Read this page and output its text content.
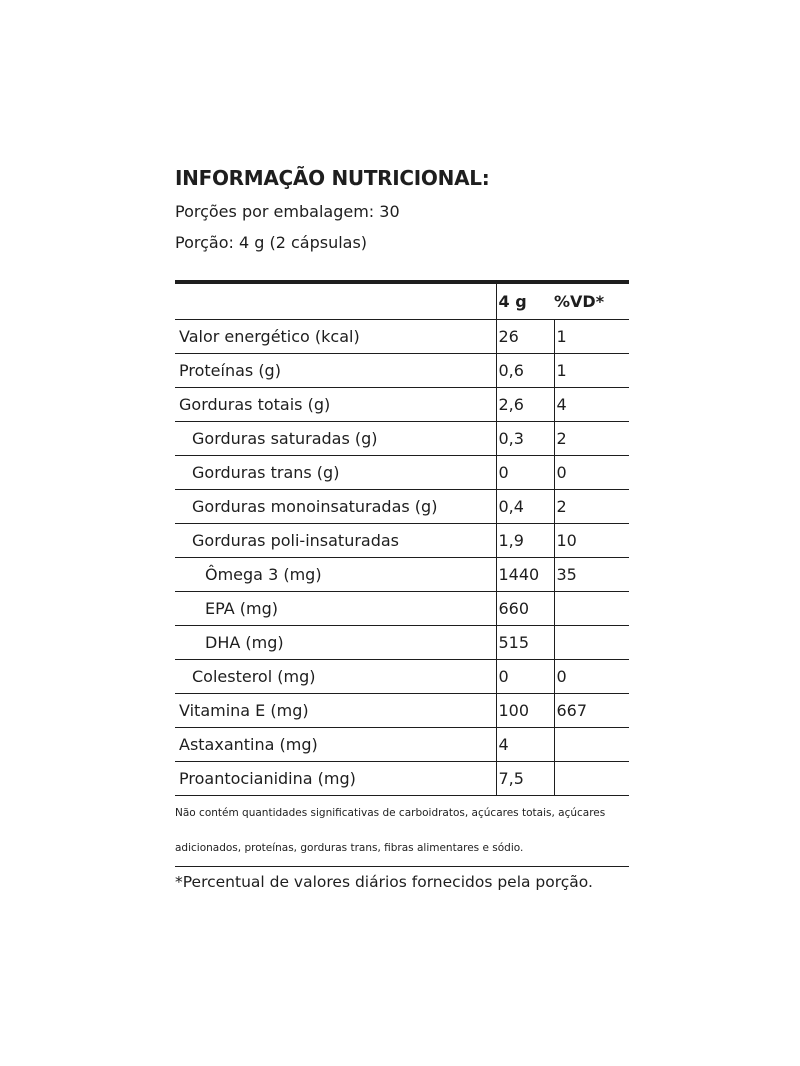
INFORMAÇÃO NUTRICIONAL:

Porções por embalagem: 30

Porção: 4 g (2 cápsulas)

	4 g	%VD*
Valor energético (kcal)	26	1
Proteínas (g)	0,6	1
Gorduras totais (g)	2,6	4
Gorduras saturadas (g)	0,3	2
Gorduras trans (g)	0	0
Gorduras monoinsaturadas (g)	0,4	2
Gorduras poli-insaturadas	1,9	10
Ômega 3 (mg)	1440	35
EPA (mg)	660	
DHA (mg)	515	
Colesterol (mg)	0	0
Vitamina E (mg)	100	667
Astaxantina (mg)	4	
Proantocianidina (mg)	7,5	

Não contém quantidades significativas de carboidratos, açúcares totais, açúcares

adicionados, proteínas, gorduras trans, fibras alimentares e sódio.

*Percentual de valores diários fornecidos pela porção.
